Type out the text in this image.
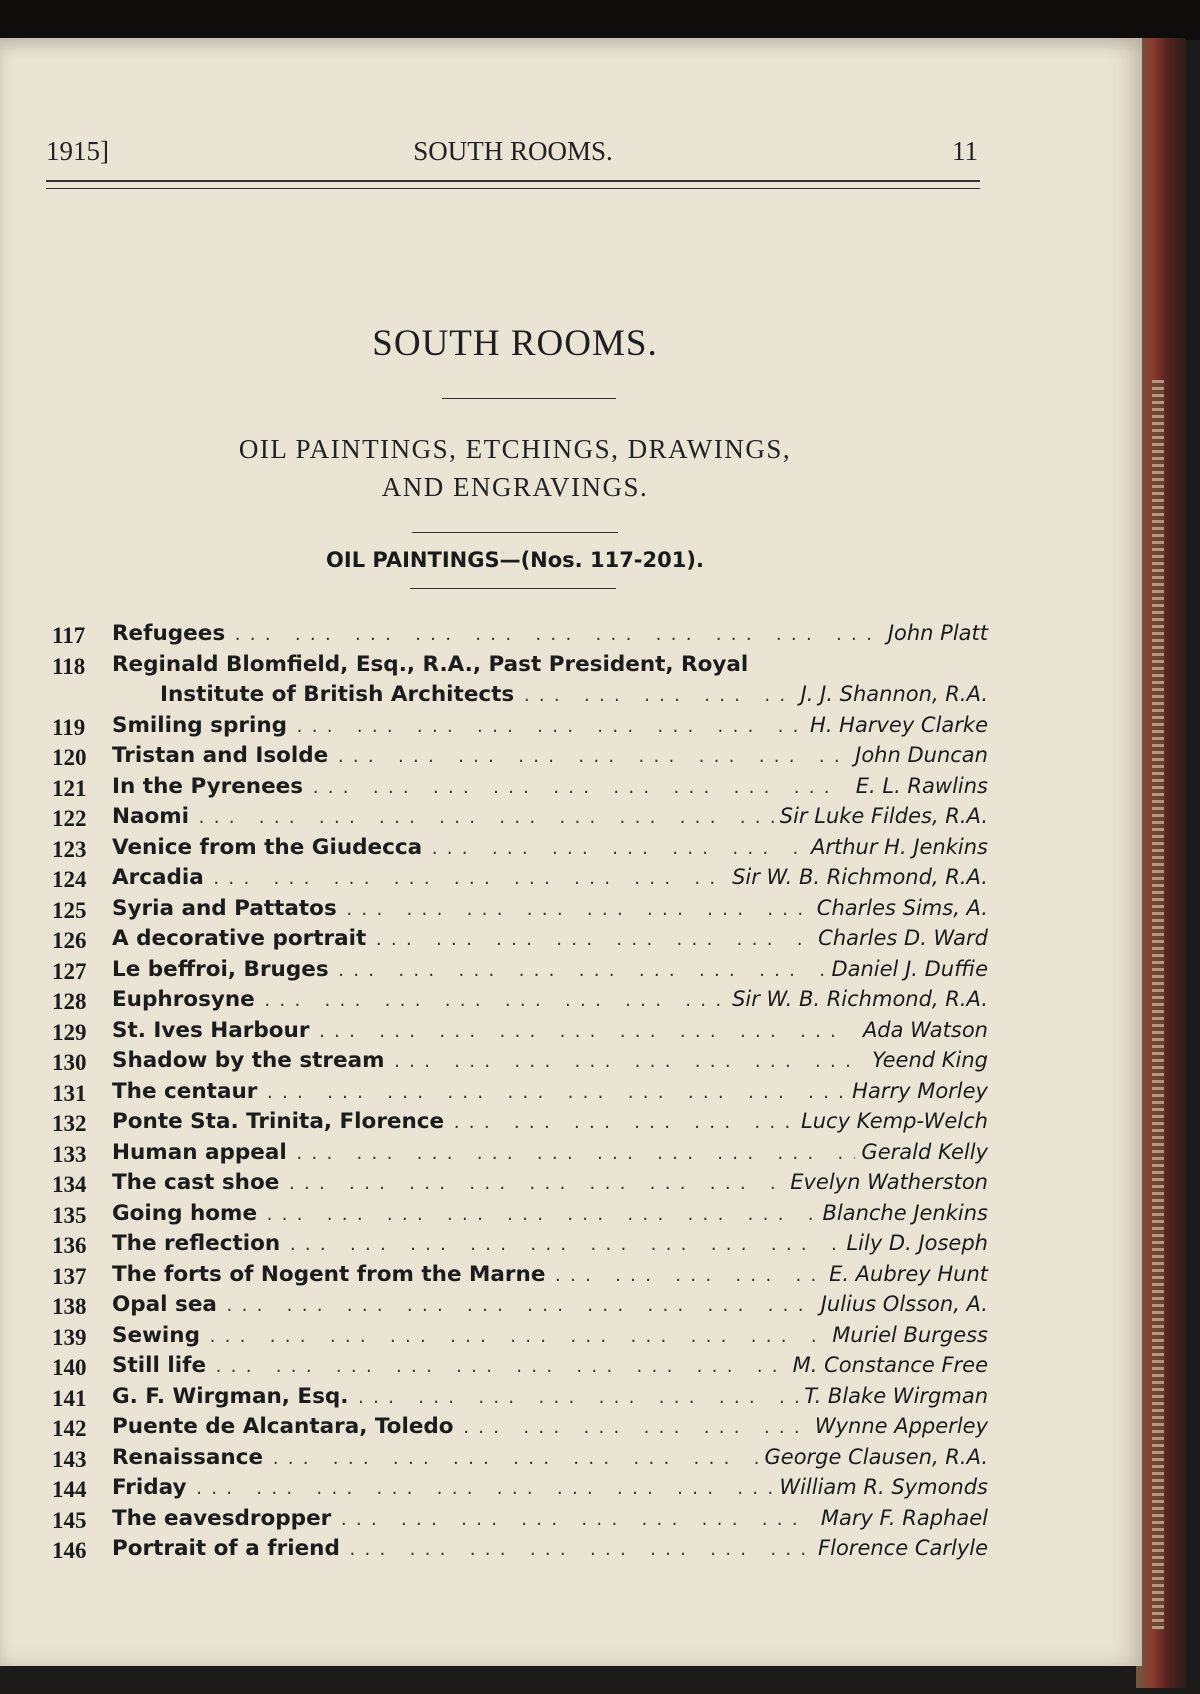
1915]	SOUTH ROOMS.	11
SOUTH ROOMS.
OIL PAINTINGS, ETCHINGS, DRAWINGS,
AND ENGRAVINGS.
OIL PAINTINGS—(Nos. 117-201).
117	Refugees ... .	John Platt
118	Reginald Blomfield, Esq., R.A., Past President, Royal
Institute of British Architects ... .	J. J. Shannon, R.A.
119	Smiling spring ... .	H. Harvey Clarke
120	Tristan and Isolde ... .	John Duncan
121	In the Pyrenees ... .	E. L. Rawlins
122	Naomi ... .	Sir Luke Fildes, R.A.
123	Venice from the Giudecca ... .	Arthur H. Jenkins
124	Arcadia ... .	Sir W. B. Richmond, R.A.
125	Syria and Pattatos ... .	Charles Sims, A.
126	A decorative portrait ... .	Charles D. Ward
127	Le beffroi, Bruges ... .	Daniel J. Duffie
128	Euphrosyne ... .	Sir W. B. Richmond, R.A.
129	St. Ives Harbour ... .	Ada Watson
130	Shadow by the stream ... .	Yeend King
131	The centaur ... .	Harry Morley
132	Ponte Sta. Trinita, Florence ... .	Lucy Kemp-Welch
133	Human appeal ... .	Gerald Kelly
134	The cast shoe ... .	Evelyn Watherston
135	Going home ... .	Blanche Jenkins
136	The reflection ... .	Lily D. Joseph
137	The forts of Nogent from the Marne ... .	E. Aubrey Hunt
138	Opal sea ... .	Julius Olsson, A.
139	Sewing ... .	Muriel Burgess
140	Still life ... .	M. Constance Free
141	G. F. Wirgman, Esq. ... .	T. Blake Wirgman
142	Puente de Alcantara, Toledo ... .	Wynne Apperley
143	Renaissance ... .	George Clausen, R.A.
144	Friday ... .	William R. Symonds
145	The eavesdropper ... .	Mary F. Raphael
146	Portrait of a friend ... .	Florence Carlyle
